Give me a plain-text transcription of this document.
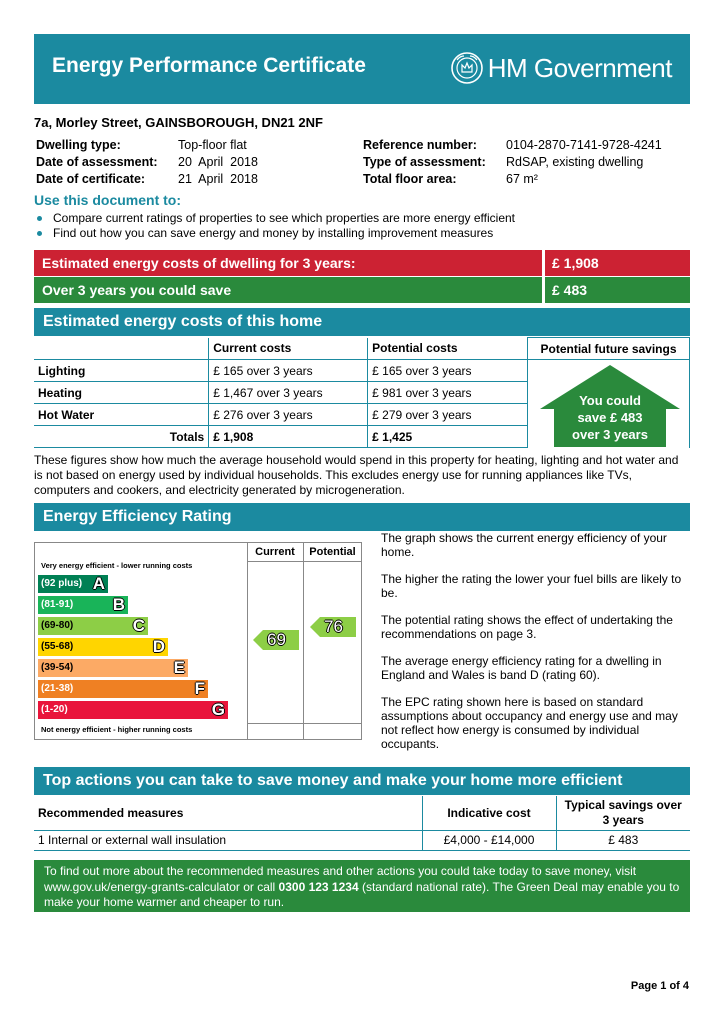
Energy Performance Certificate	HM Government
7a, Morley Street, GAINSBOROUGH, DN21 2NF
Dwelling type:	Top-floor flat
Date of assessment: 20  April  2018
Date of certificate:	21  April  2018
Reference number: 0104-2870-7141-9728-4241
Type of assessment: RdSAP, existing dwelling
Total floor area:	67 m²
Use this document to:
Compare current ratings of properties to see which properties are more energy efficient
Find out how you can save energy and money by installing improvement measures
Estimated energy costs of dwelling for 3 years:	£ 1,908
Over 3 years you could save	£ 483
Estimated energy costs of this home
	Current costs	Potential costs	Potential future savings
Lighting	£ 165 over 3 years	£ 165 over 3 years	
Heating	£ 1,467 over 3 years	£ 981 over 3 years	
Hot Water	£ 276 over 3 years	£ 279 over 3 years	
Totals	£ 1,908	£ 1,425	
You could
save £ 483
over 3 years
These figures show how much the average household would spend in this property for heating, lighting and hot water and is not based on energy used by individual households. This excludes energy use for running appliances like TVs, computers and cookers, and electricity generated by microgeneration.
Energy Efficiency Rating
Current	Potential
Very energy efficient - lower running costs
(92 plus) A
(81-91) B
(69-80)	C
(55-68)	D
(39-54)	E
(21-38)	F
(1-20)	G
Not energy efficient - higher running costs
69
76

The graph shows the current energy efficiency of your home.

The higher the rating the lower your fuel bills are likely to be.

The potential rating shows the effect of undertaking the recommendations on page 3.

The average energy efficiency rating for a dwelling in England and Wales is band D (rating 60).

The EPC rating shown here is based on standard assumptions about occupancy and energy use and may not reflect how energy is consumed by individual occupants.

Top actions you can take to save money and make your home more efficient
Recommended measures	Indicative cost	Typical savings over 3 years
1 Internal or external wall insulation	£4,000 - £14,000	£ 483
To find out more about the recommended measures and other actions you could take today to save money, visit www.gov.uk/energy-grants-calculator or call 0300 123 1234 (standard national rate). The Green Deal may enable you to make your home warmer and cheaper to run.
Page 1 of 4
